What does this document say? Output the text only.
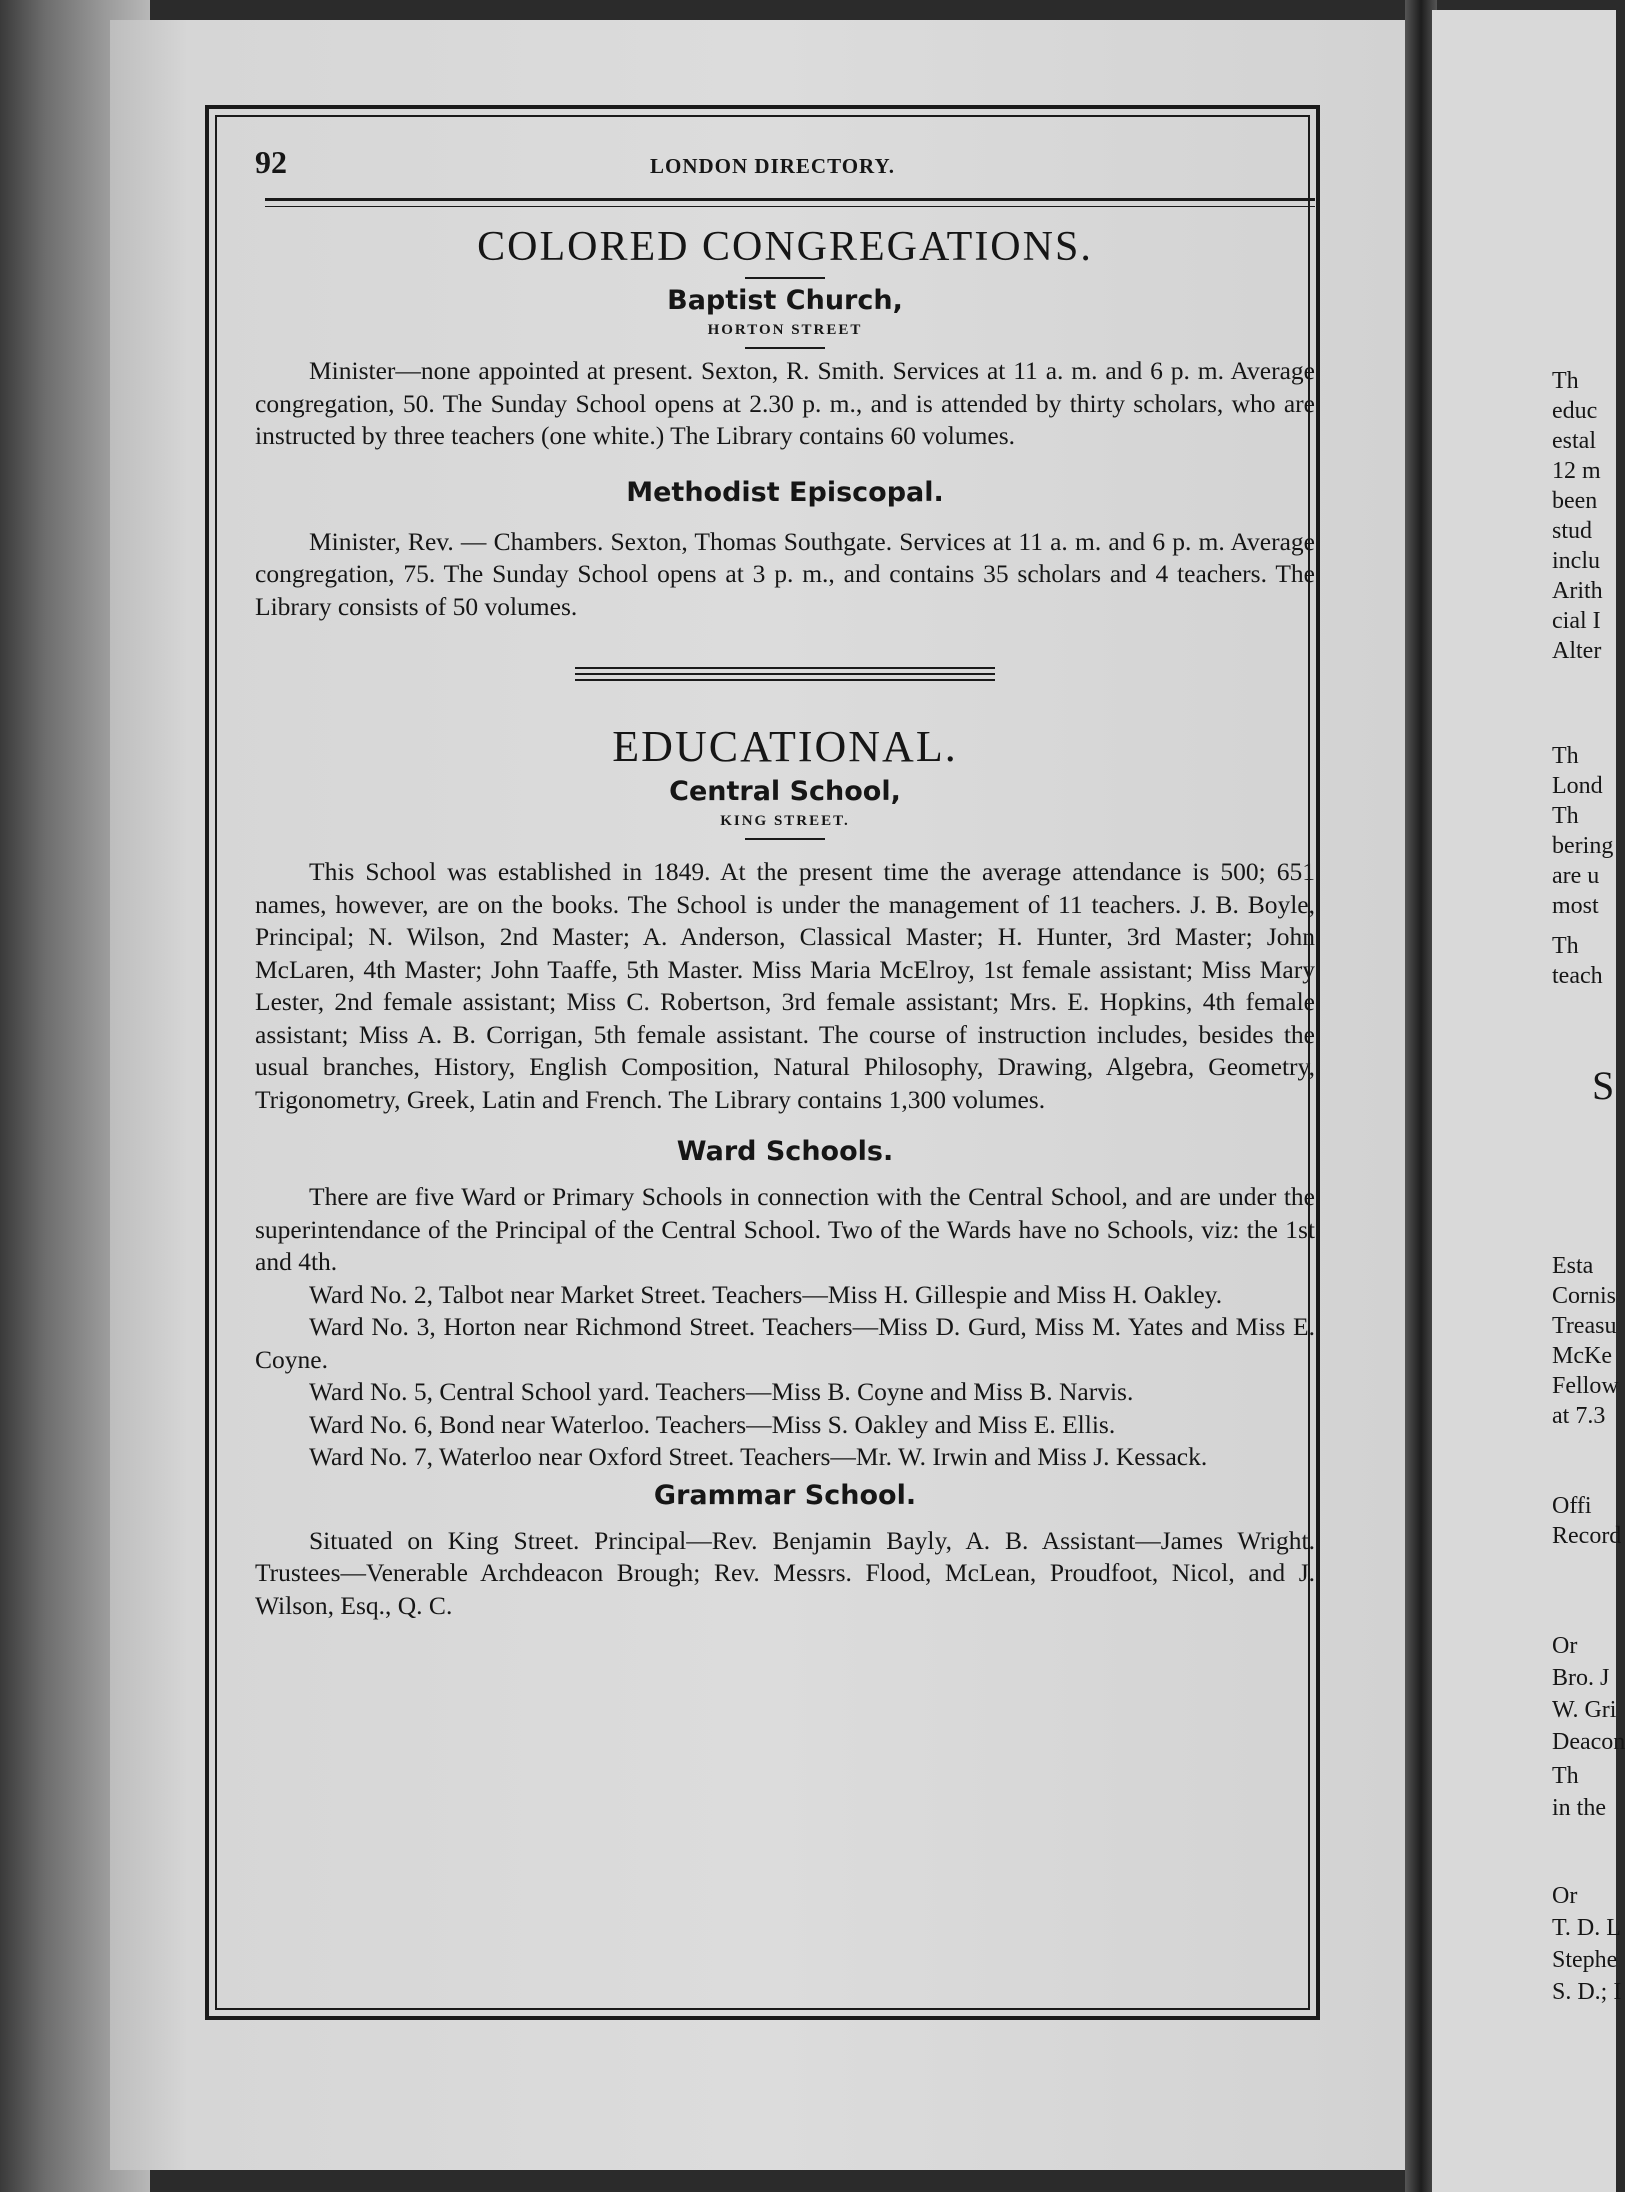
Th
educ
estal
12 m
been
stud
inclu
Arith
cial I
Alter
Th
Lond
Th
bering
are u
most
Th
teach
S
Esta
Cornis
Treasu
McKe
Fellow
at 7.3
Offi
Record
Or
Bro. J
W. Gri
Deacon
Th
in the
Or
T. D. L
Stephe
S. D.; I
92	LONDON DIRECTORY.
COLORED CONGREGATIONS.
Baptist Church,
HORTON STREET

Minister—none appointed at present. Sexton, R. Smith. Services at 11 a. m. and 6 p. m. Average congregation, 50. The Sunday School opens at 2.30 p. m., and is attended by thirty scholars, who are instructed by three teachers (one white.) The Library contains 60 volumes.

Methodist Episcopal.

Minister, Rev. — Chambers. Sexton, Thomas Southgate. Services at 11 a. m. and 6 p. m. Average congregation, 75. The Sunday School opens at 3 p. m., and contains 35 scholars and 4 teachers. The Library consists of 50 volumes.

EDUCATIONAL.
Central School,
KING STREET.

This School was established in 1849. At the present time the average attendance is 500; 651 names, however, are on the books. The School is under the management of 11 teachers. J. B. Boyle, Principal; N. Wilson, 2nd Master; A. Anderson, Classical Master; H. Hunter, 3rd Master; John McLaren, 4th Master; John Taaffe, 5th Master. Miss Maria McElroy, 1st female assistant; Miss Mary Lester, 2nd female assistant; Miss C. Robertson, 3rd female assistant; Mrs. E. Hopkins, 4th female assistant; Miss A. B. Corrigan, 5th female assistant. The course of instruction includes, besides the usual branches, History, English Composition, Natural Philosophy, Drawing, Algebra, Geometry, Trigonometry, Greek, Latin and French. The Library contains 1,300 volumes.

Ward Schools.

There are five Ward or Primary Schools in connection with the Central School, and are under the superintendance of the Principal of the Central School. Two of the Wards have no Schools, viz: the 1st and 4th.

Ward No. 2, Talbot near Market Street. Teachers—Miss H. Gillespie and Miss H. Oakley.

Ward No. 3, Horton near Richmond Street. Teachers—Miss D. Gurd, Miss M. Yates and Miss E. Coyne.

Ward No. 5, Central School yard. Teachers—Miss B. Coyne and Miss B. Narvis.

Ward No. 6, Bond near Waterloo. Teachers—Miss S. Oakley and Miss E. Ellis.

Ward No. 7, Waterloo near Oxford Street. Teachers—Mr. W. Irwin and Miss J. Kessack.

Grammar School.

Situated on King Street. Principal—Rev. Benjamin Bayly, A. B. Assistant—James Wright. Trustees—Venerable Archdeacon Brough; Rev. Messrs. Flood, McLean, Proudfoot, Nicol, and J. Wilson, Esq., Q. C.
